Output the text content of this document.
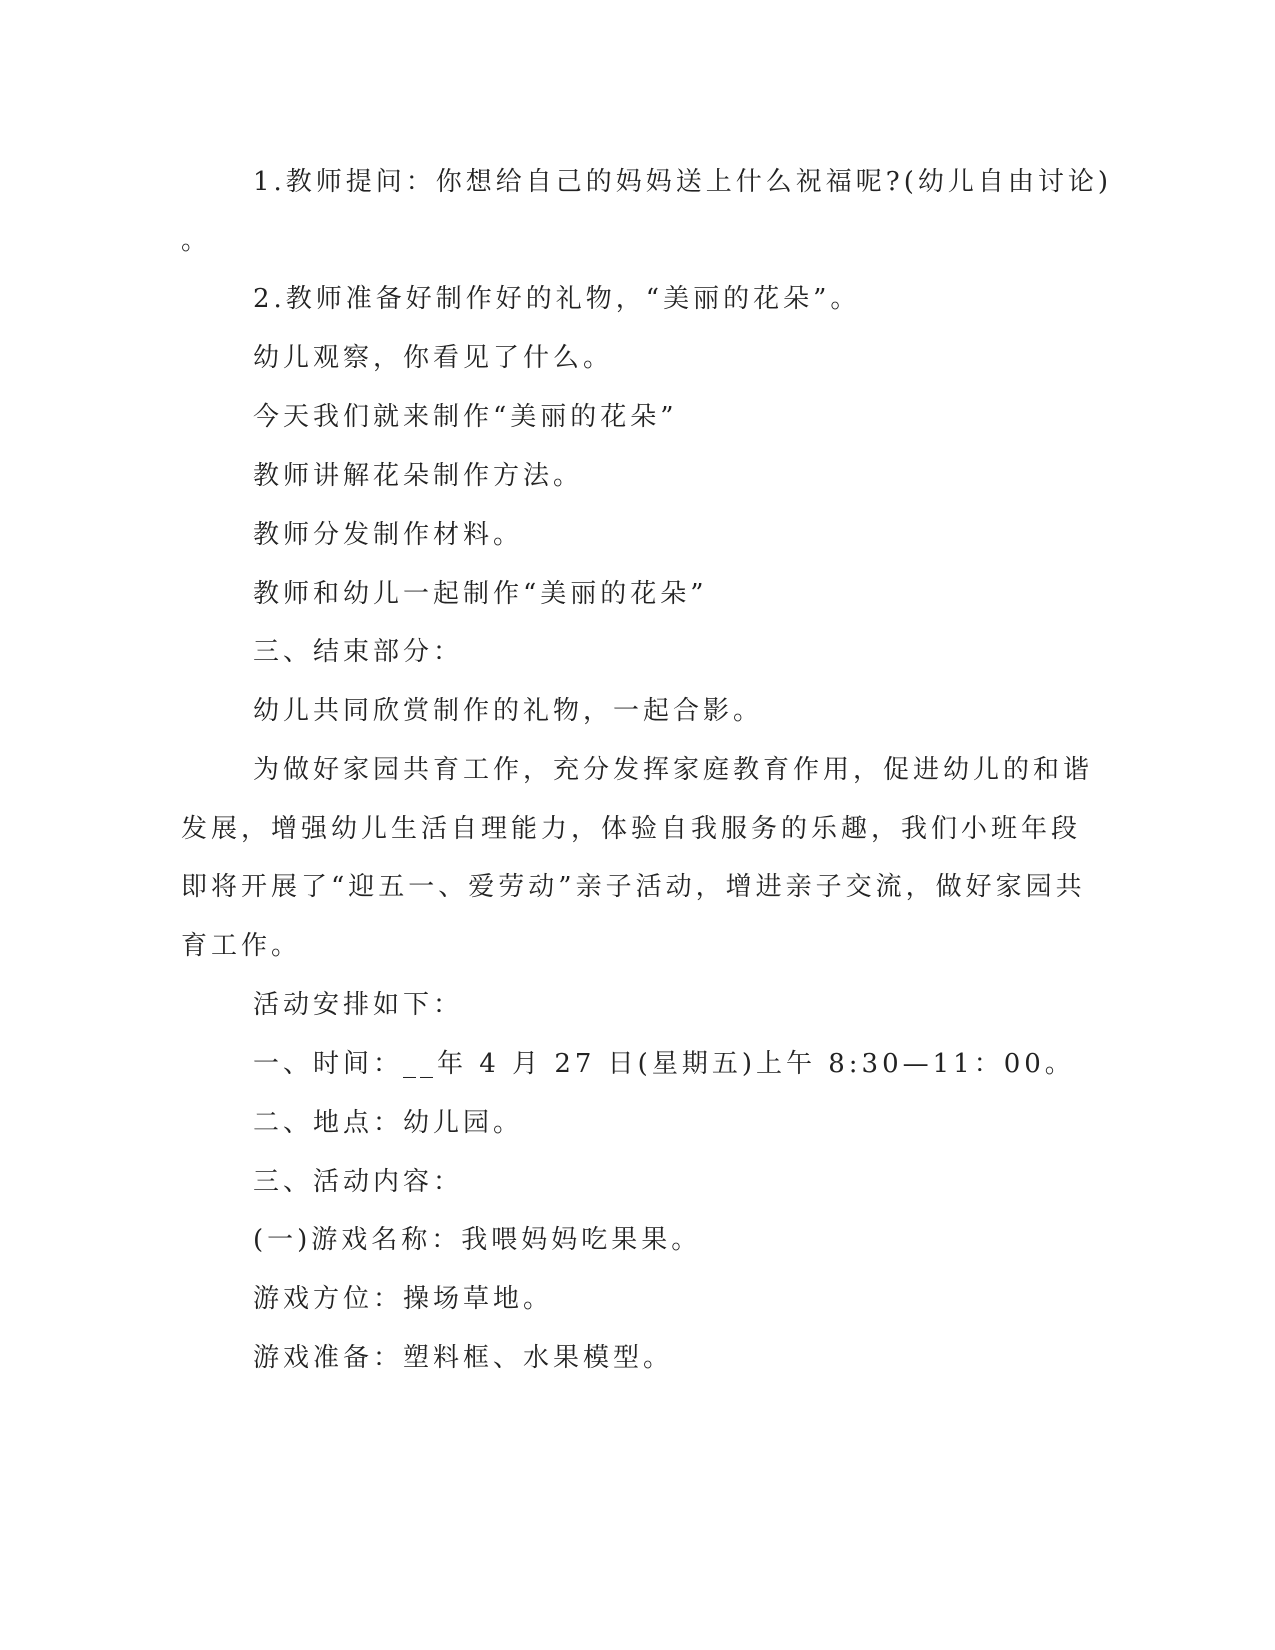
1.教师提问：你想给自己的妈妈送上什么祝福呢?(幼儿自由讨论)
。
2.教师准备好制作好的礼物，“美丽的花朵”。
幼儿观察，你看见了什么。
今天我们就来制作“美丽的花朵”
教师讲解花朵制作方法。
教师分发制作材料。
教师和幼儿一起制作“美丽的花朵”
三、结束部分：
幼儿共同欣赏制作的礼物，一起合影。
为做好家园共育工作，充分发挥家庭教育作用，促进幼儿的和谐
发展，增强幼儿生活自理能力，体验自我服务的乐趣，我们小班年段
即将开展了“迎五一、爱劳动”亲子活动，增进亲子交流，做好家园共
育工作。
活动安排如下：
一、时间：__年 4 月 27 日(星期五)上午 8:30—11：00。
二、地点：幼儿园。
三、活动内容：
(一)游戏名称：我喂妈妈吃果果。
游戏方位：操场草地。
游戏准备：塑料框、水果模型。
